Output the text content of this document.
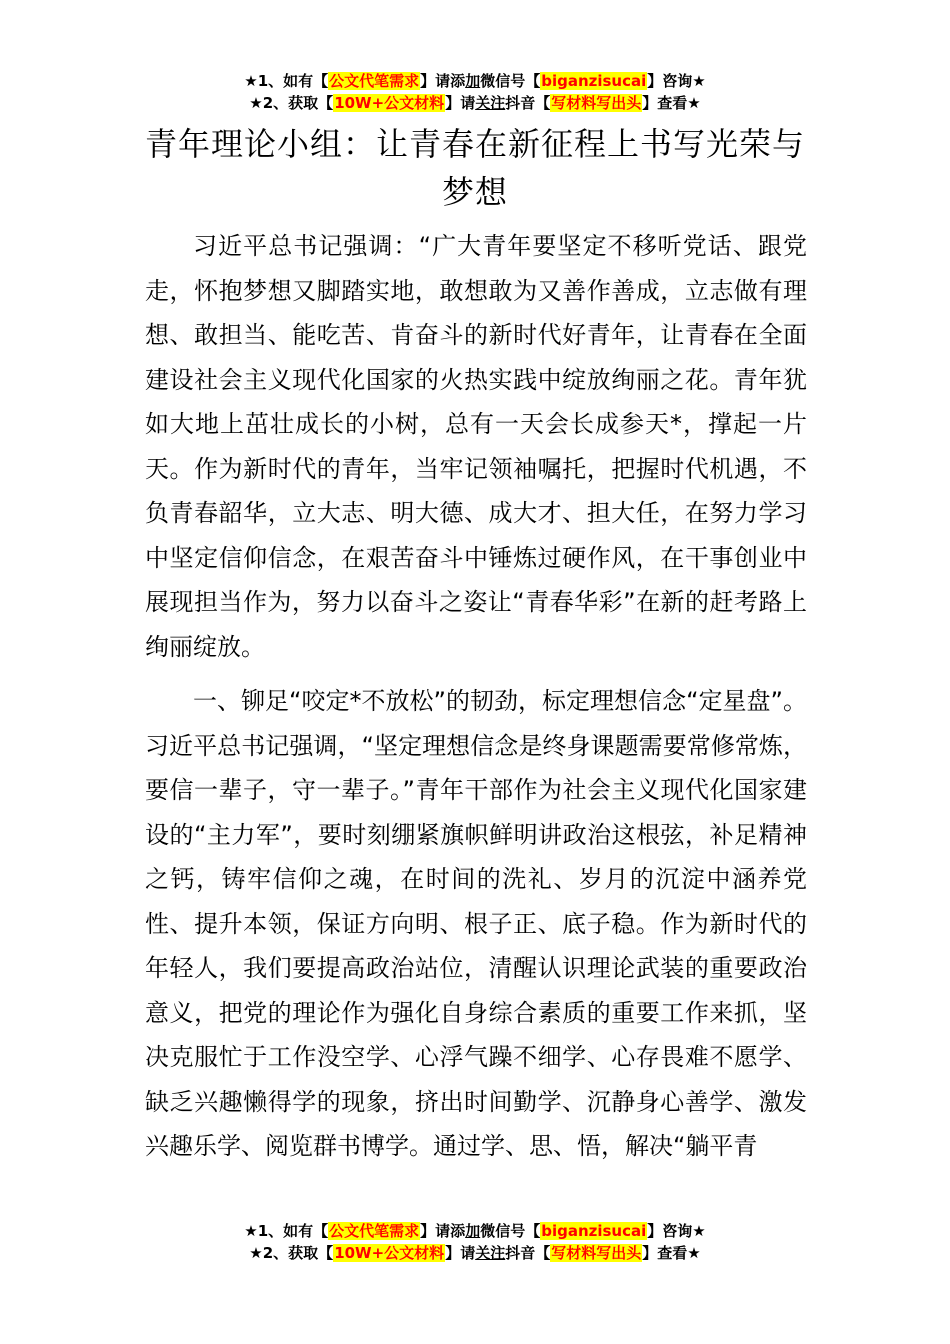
★1、如有【公文代笔需求】请添加微信号【biganzisucai】咨询★
★2、获取【10W+公文材料】请关注抖音【写材料写出头】查看★
青年理论小组：让青春在新征程上书写光荣与梦想

习近平总书记强调：“广大青年要坚定不移听党话、跟党走，怀抱梦想又脚踏实地，敢想敢为又善作善成，立志做有理想、敢担当、能吃苦、肯奋斗的新时代好青年，让青春在全面建设社会主义现代化国家的火热实践中绽放绚丽之花。青年犹如大地上茁壮成长的小树，总有一天会长成参天*，撑起一片天。作为新时代的青年，当牢记领袖嘱托，把握时代机遇，不负青春韶华，立大志、明大德、成大才、担大任，在努力学习中坚定信仰信念，在艰苦奋斗中锤炼过硬作风，在干事创业中展现担当作为，努力以奋斗之姿让“青春华彩”在新的赶考路上绚丽绽放。

一、铆足“咬定*不放松”的韧劲，标定理想信念“定星盘”。习近平总书记强调，“坚定理想信念是终身课题需要常修常炼，要信一辈子，守一辈子。”青年干部作为社会主义现代化国家建设的“主力军”，要时刻绷紧旗帜鲜明讲政治这根弦，补足精神之钙，铸牢信仰之魂，在时间的洗礼、岁月的沉淀中涵养党性、提升本领，保证方向明、根子正、底子稳。作为新时代的年轻人，我们要提高政治站位，清醒认识理论武装的重要政治意义，把党的理论作为强化自身综合素质的重要工作来抓，坚决克服忙于工作没空学、心浮气躁不细学、心存畏难不愿学、缺乏兴趣懒得学的现象，挤出时间勤学、沉静身心善学、激发兴趣乐学、阅览群书博学。通过学、思、悟，解决“躺平青

★1、如有【公文代笔需求】请添加微信号【biganzisucai】咨询★
★2、获取【10W+公文材料】请关注抖音【写材料写出头】查看★
